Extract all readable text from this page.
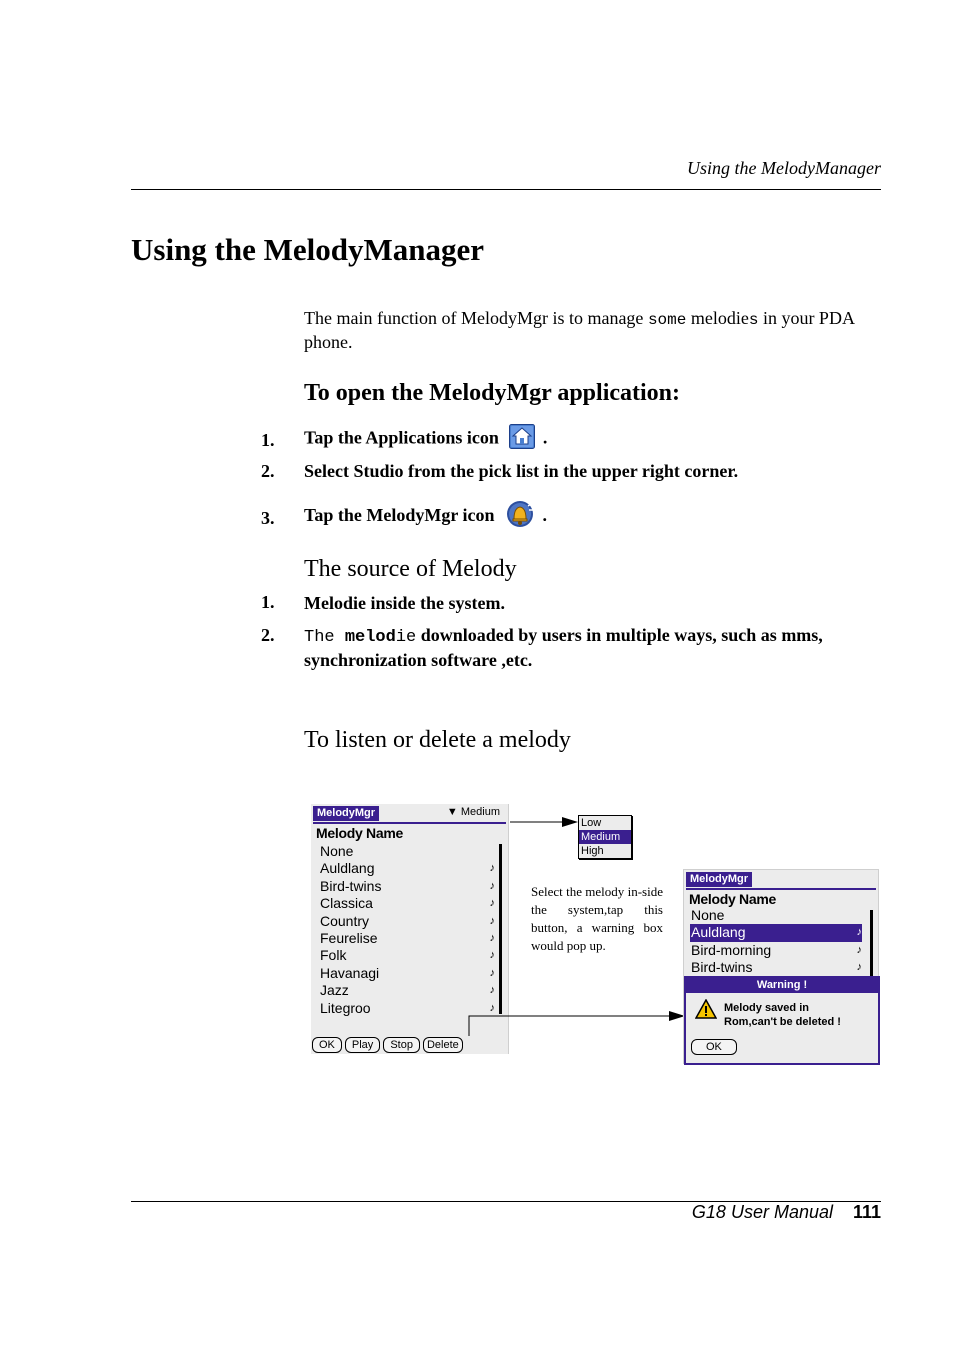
Using the MelodyManager
Using the MelodyManager
The main function of MelodyMgr is to manage some melodies in your PDA phone.
To open the MelodyMgr application:
1. Tap the Applications icon .
2. Select Studio from the pick list in the upper right corner.
3. Tap the MelodyMgr icon	.
The source of Melody
1. Melodie inside the system.
2. The melodie downloaded by users in multiple ways, such as mms, synchronization software ,etc.
To listen or delete a melody
MelodyMgr	▼ Medium
Melody Name
None
Auldlang	♪
Bird-twins	♪
Classica	♪
Country	♪
Feurelise	♪
Folk	♪
Havanagi	♪
Jazz	♪
Litegroo	♪
OK Play Stop Delete
Low
Medium
High
Select the melody in-side the system,tap this button, a warning box would pop up.
MelodyMgr
Melody Name
None
Auldlang	♪
Bird-morning	♪
Bird-twins	♪
Warning !
Melody saved in
Rom,can't be deleted !
OK
G18 User Manual 111
